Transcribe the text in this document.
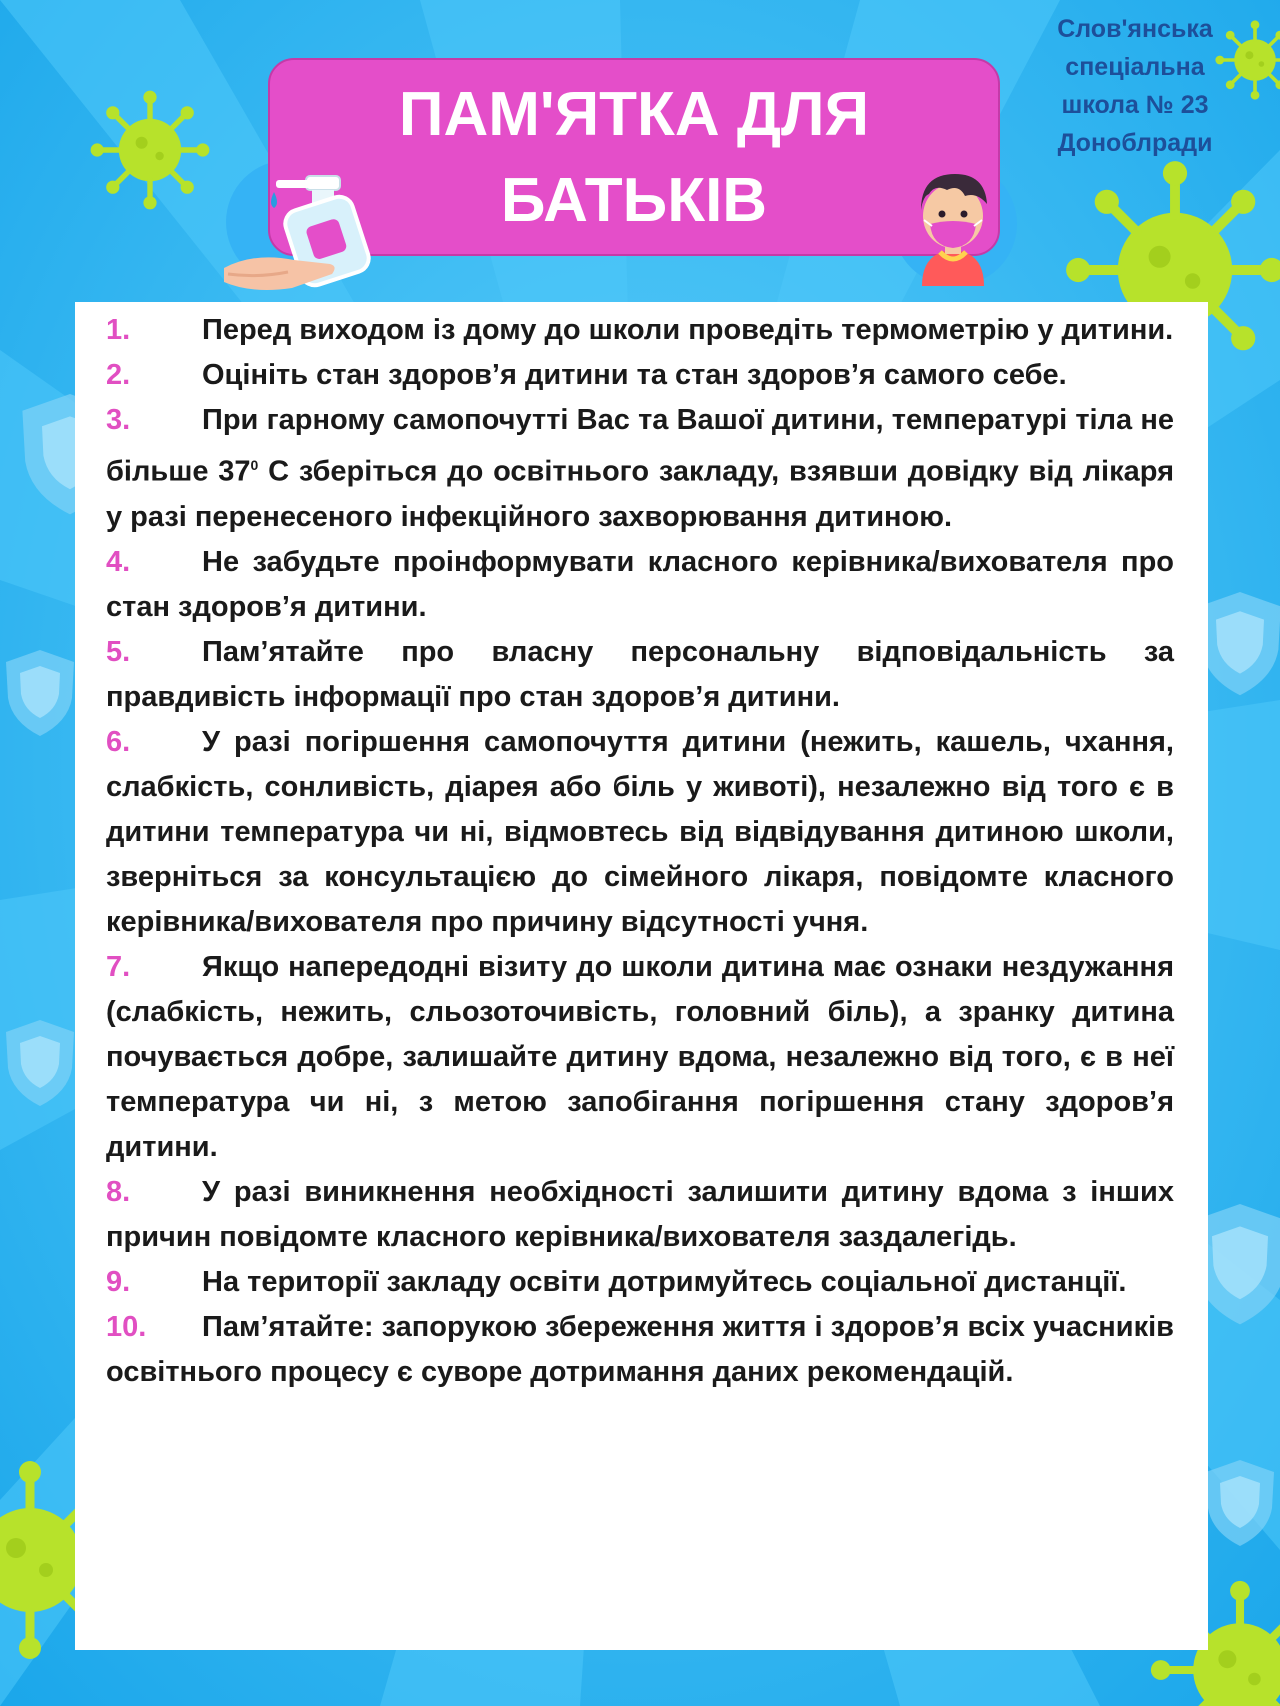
Слов'янська
спеціальна
школа № 23
Доноблради
ПАМ'ЯТКА ДЛЯ
БАТЬКІВ

1. Перед виходом із дому до школи проведіть термометрію у дитини.

2. Оцініть стан здоров’я дитини та стан здоров’я самого себе.

3. При гарному самопочутті Вас та Вашої дитини, температурі тіла не більше $37^0$ С зберіться до освітнього закладу, взявши довідку від лікаря у разі перенесеного інфекційного захворювання дитиною.

4. Не забудьте проінформувати класного керівника/вихователя про стан здоров’я дитини.

5. Пам’ятайте про власну персональну відповідальність за правдивість інформації про стан здоров’я дитини.

6. У разі погіршення самопочуття дитини (нежить, кашель, чхання, слабкість, сонливість, діарея або біль у животі), незалежно від того є в дитини температура чи ні, відмовтесь від відвідування дитиною школи, зверніться за консультацією до сімейного лікаря, повідомте класного керівника/вихователя про причину відсутності учня.

7. Якщо напередодні візиту до школи дитина має ознаки нездужання (слабкість, нежить, сльозоточивість, головний біль), а зранку дитина почувається добре, залишайте дитину вдома, незалежно від того, є в неї температура чи ні, з метою запобігання погіршення стану здоров’я дитини.

8. У разі виникнення необхідності залишити дитину вдома з інших причин повідомте класного керівника/вихователя заздалегідь.

9. На території закладу освіти дотримуйтесь соціальної дистанції.

10. Пам’ятайте: запорукою збереження життя і здоров’я всіх учасників освітнього процесу є суворе дотримання даних рекомендацій.
